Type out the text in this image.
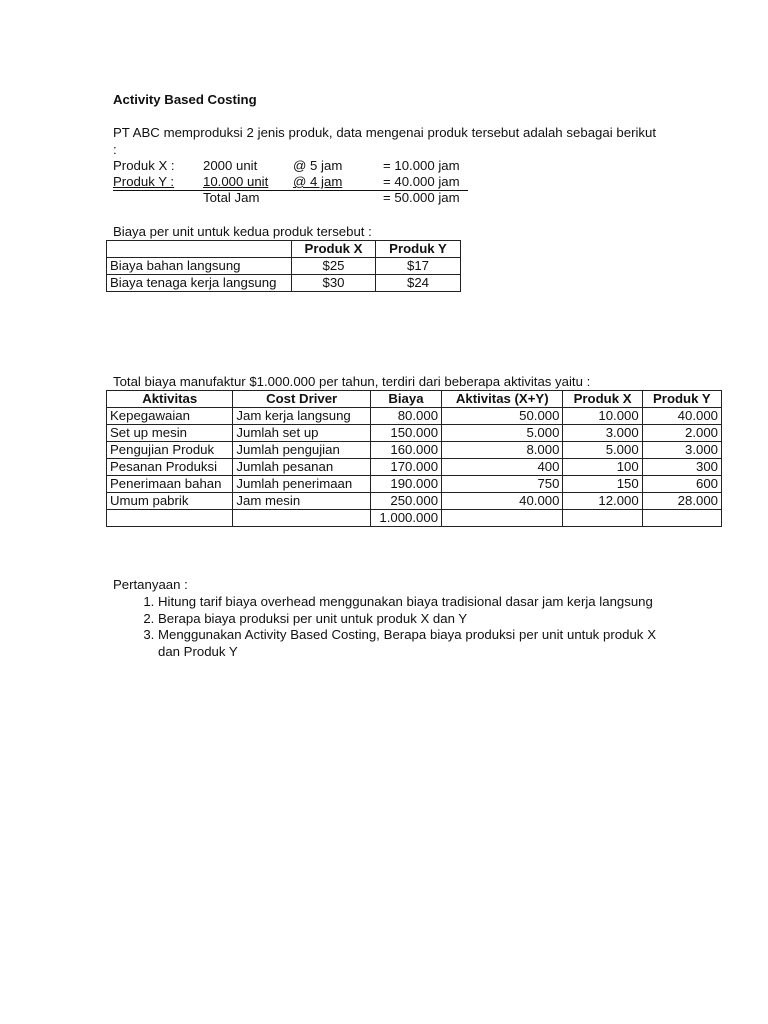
Activity Based Costing
PT ABC memproduksi 2 jenis produk, data mengenai produk tersebut adalah sebagai berikut :
Produk X : 2000 unit	@ 5 jam	= 10.000 jam
Produk Y : 10.000 unit @ 4 jam	= 40.000 jam
Total Jam	= 50.000 jam
Biaya per unit untuk kedua produk tersebut :
	Produk X	Produk Y
Biaya bahan langsung	$25	$17
Biaya tenaga kerja langsung	$30	$24
Total biaya manufaktur $1.000.000 per tahun, terdiri dari beberapa aktivitas yaitu :
Aktivitas	Cost Driver	Biaya	Aktivitas (X+Y)	Produk X	Produk Y
Kepegawaian	Jam kerja langsung	80.000	50.000	10.000	40.000
Set up mesin	Jumlah set up	150.000	5.000	3.000	2.000
Pengujian Produk	Jumlah pengujian	160.000	8.000	5.000	3.000
Pesanan Produksi	Jumlah pesanan	170.000	400	100	300
Penerimaan bahan	Jumlah penerimaan	190.000	750	150	600
Umum pabrik	Jam mesin	250.000	40.000	12.000	28.000
		1.000.000			
Pertanyaan :
1. Hitung tarif biaya overhead menggunakan biaya tradisional dasar jam kerja langsung
2. Berapa biaya produksi per unit untuk produk X dan Y
3. Menggunakan Activity Based Costing, Berapa biaya produksi per unit untuk produk X dan Produk Y
